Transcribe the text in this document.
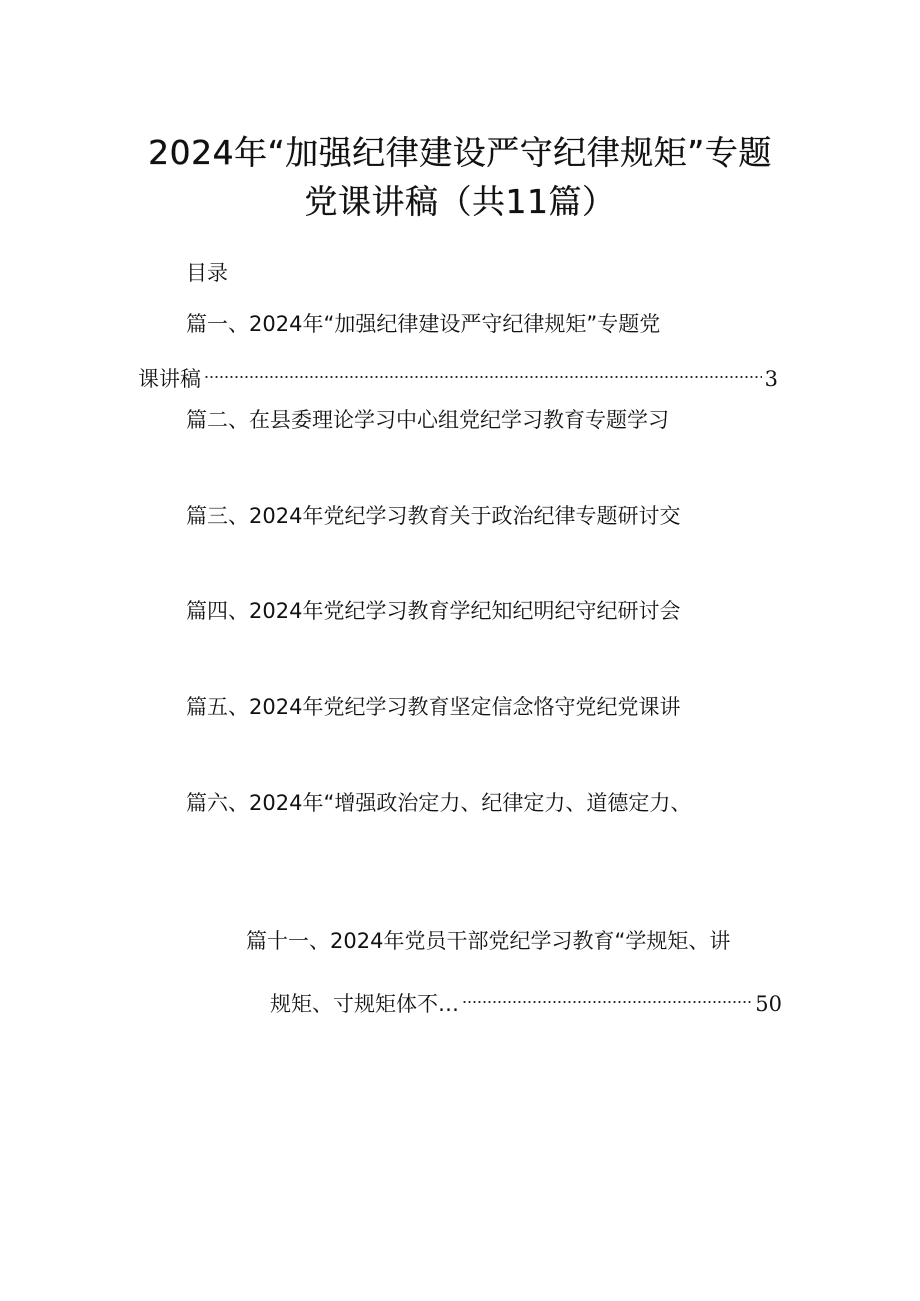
2024年“加强纪律建设严守纪律规矩”专题
党课讲稿（共11篇）
目录
篇一、2024年“加强纪律建设严守纪律规矩”专题党
课讲稿	3
篇二、在县委理论学习中心组党纪学习教育专题学习
篇三、2024年党纪学习教育关于政治纪律专题研讨交
篇四、2024年党纪学习教育学纪知纪明纪守纪研讨会
篇五、2024年党纪学习教育坚定信念恪守党纪党课讲
篇六、2024年“增强政治定力、纪律定力、道德定力、
篇十一、2024年党员干部党纪学习教育“学规矩、讲
规矩、寸规矩体不…	50
